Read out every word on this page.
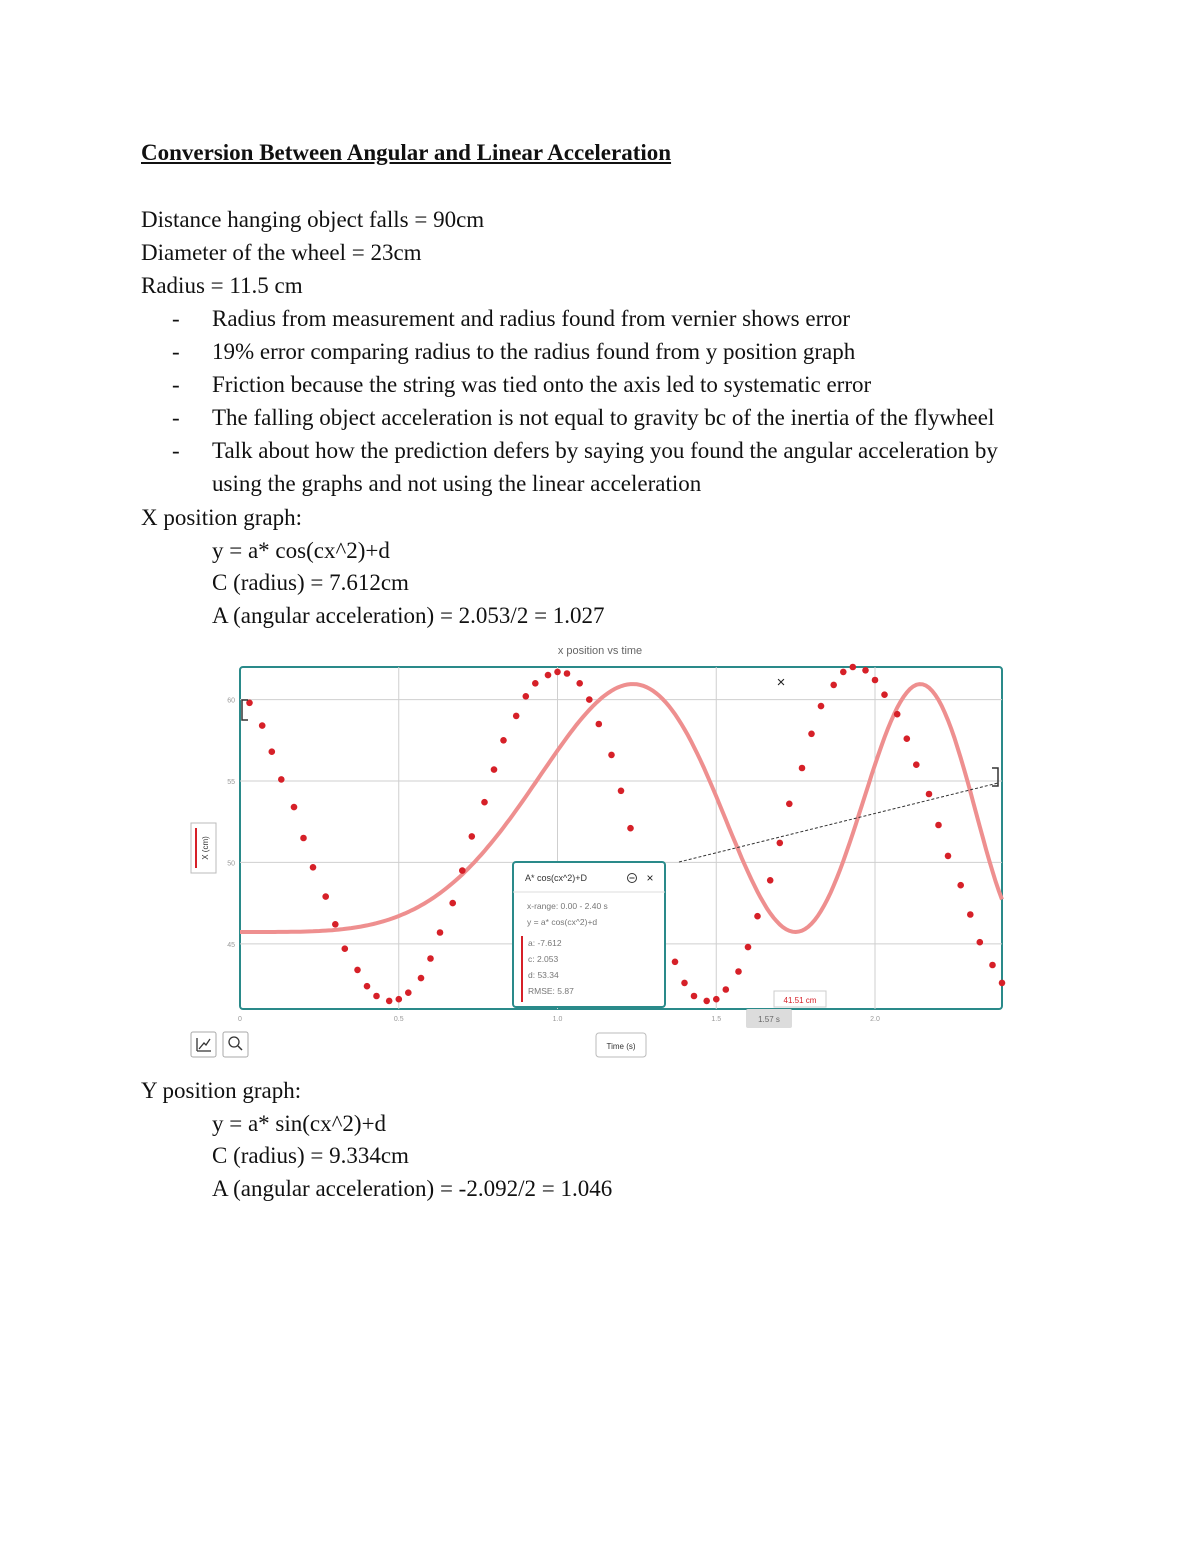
Conversion Between Angular and Linear Acceleration
Distance hanging object falls = 90cm
Diameter of the wheel = 23cm
Radius = 11.5 cm
- Radius from measurement and radius found from vernier shows error
- 19% error comparing radius to the radius found from y position graph
- Friction because the string was tied onto the axis led to systematic error
- The falling object acceleration is not equal to gravity bc of the inertia of the flywheel
- Talk about how the prediction defers by saying you found the angular acceleration by
using the graphs and not using the linear acceleration
X position graph:
y = a* cos(cx^2)+d
C (radius) = 7.612cm
A (angular acceleration) = 2.053/2 = 1.027
x position vs time
60
55
50
45
0	0.5	1.0	1.5	2.0
X (cm)
×
A* cos(cx^2)+D	×
x-range: 0.00 - 2.40 s
y = a* cos(cx^2)+d
a: -7.612
c: 2.053
d: 53.34
RMSE: 5.87
41.51 cm
1.57 s
Time (s)
Y position graph:
y = a* sin(cx^2)+d
C (radius) = 9.334cm
A (angular acceleration) = -2.092/2 = 1.046
